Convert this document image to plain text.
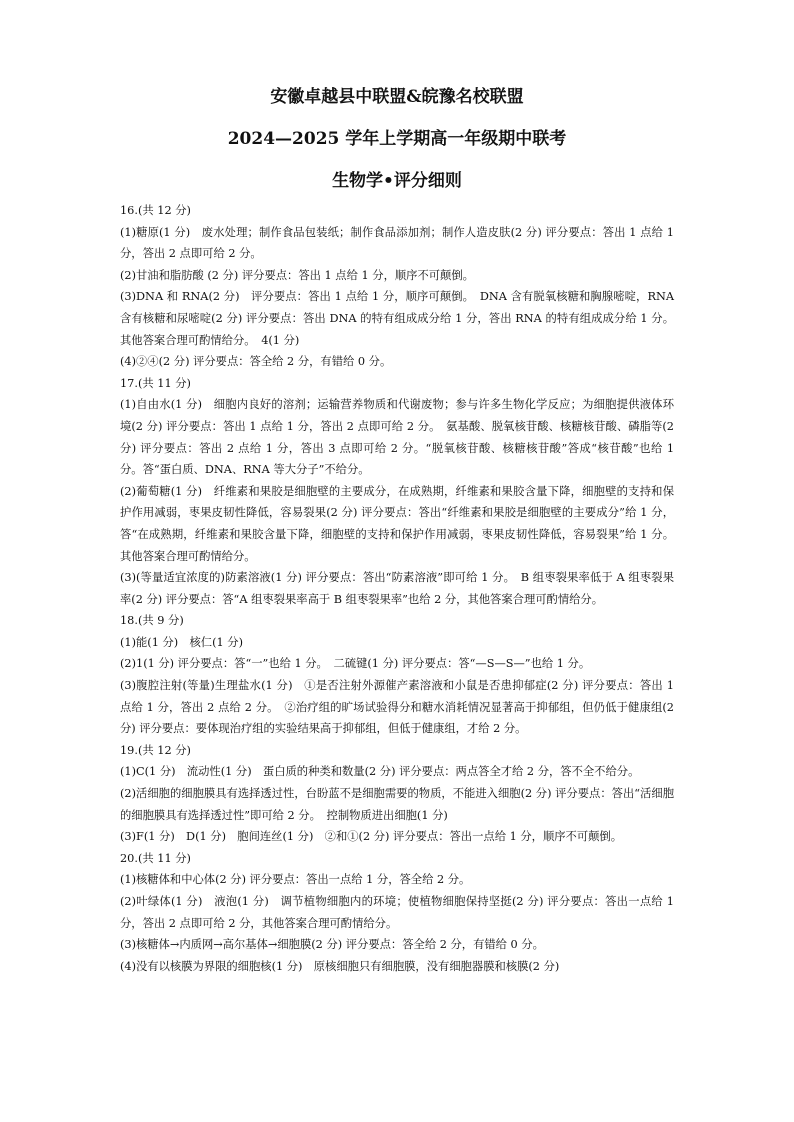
安徽卓越县中联盟&皖豫名校联盟
2024—2025 学年上学期高一年级期中联考
生物学•评分细则

16.(共 12 分)

(1)糖原(1 分)　废水处理；制作食品包装纸；制作食品添加剂；制作人造皮肤(2 分) 评分要点：答出 1 点给 1 分，答出 2 点即可给 2 分。

(2)甘油和脂肪酸 (2 分) 评分要点：答出 1 点给 1 分，顺序不可颠倒。

(3)DNA 和 RNA(2 分)　评分要点：答出 1 点给 1 分，顺序可颠倒。　DNA 含有脱氧核糖和胸腺嘧啶，RNA 含有核糖和尿嘧啶(2 分) 评分要点：答出 DNA 的特有组成成分给 1 分，答出 RNA 的特有组成成分给 1 分。其他答案合理可酌情给分。　4(1 分)

(4)②④(2 分) 评分要点：答全给 2 分，有错给 0 分。

17.(共 11 分)

(1)自由水(1 分)　细胞内良好的溶剂；运输营养物质和代谢废物；参与许多生物化学反应；为细胞提供液体环境(2 分) 评分要点：答出 1 点给 1 分，答出 2 点即可给 2 分。　氨基酸、脱氧核苷酸、核糖核苷酸、磷脂等(2 分) 评分要点：答出 2 点给 1 分，答出 3 点即可给 2 分。“脱氧核苷酸、核糖核苷酸”答成“核苷酸”也给 1 分。答“蛋白质、DNA、RNA 等大分子”不给分。

(2)葡萄糖(1 分)　纤维素和果胶是细胞壁的主要成分，在成熟期，纤维素和果胶含量下降，细胞壁的支持和保护作用减弱，枣果皮韧性降低，容易裂果(2 分) 评分要点：答出“纤维素和果胶是细胞壁的主要成分”给 1 分，答“在成熟期，纤维素和果胶含量下降，细胞壁的支持和保护作用减弱，枣果皮韧性降低，容易裂果”给 1 分。其他答案合理可酌情给分。

(3)(等量适宜浓度的)防素溶液(1 分) 评分要点：答出“防素溶液”即可给 1 分。　B 组枣裂果率低于 A 组枣裂果率(2 分) 评分要点：答“A 组枣裂果率高于 B 组枣裂果率”也给 2 分，其他答案合理可酌情给分。

18.(共 9 分)

(1)能(1 分)　核仁(1 分)

(2)1(1 分) 评分要点：答“一”也给 1 分。　二硫键(1 分) 评分要点：答“—S—S—”也给 1 分。

(3)腹腔注射(等量)生理盐水(1 分)　①是否注射外源催产素溶液和小鼠是否患抑郁症(2 分) 评分要点：答出 1 点给 1 分，答出 2 点给 2 分。　②治疗组的旷场试验得分和糖水消耗情况显著高于抑郁组，但仍低于健康组(2 分) 评分要点：要体现治疗组的实验结果高于抑郁组，但低于健康组，才给 2 分。

19.(共 12 分)

(1)C(1 分)　流动性(1 分)　蛋白质的种类和数量(2 分) 评分要点：两点答全才给 2 分，答不全不给分。

(2)活细胞的细胞膜具有选择透过性，台盼蓝不是细胞需要的物质，不能进入细胞(2 分) 评分要点：答出“活细胞的细胞膜具有选择透过性”即可给 2 分。　控制物质进出细胞(1 分)

(3)F(1 分)　D(1 分)　胞间连丝(1 分)　②和①(2 分) 评分要点：答出一点给 1 分，顺序不可颠倒。

20.(共 11 分)

(1)核糖体和中心体(2 分) 评分要点：答出一点给 1 分，答全给 2 分。

(2)叶绿体(1 分)　液泡(1 分)　调节植物细胞内的环境；使植物细胞保持坚挺(2 分) 评分要点：答出一点给 1 分，答出 2 点即可给 2 分，其他答案合理可酌情给分。

(3)核糖体→内质网→高尔基体→细胞膜(2 分) 评分要点：答全给 2 分，有错给 0 分。

(4)没有以核膜为界限的细胞核(1 分)　原核细胞只有细胞膜，没有细胞器膜和核膜(2 分)
